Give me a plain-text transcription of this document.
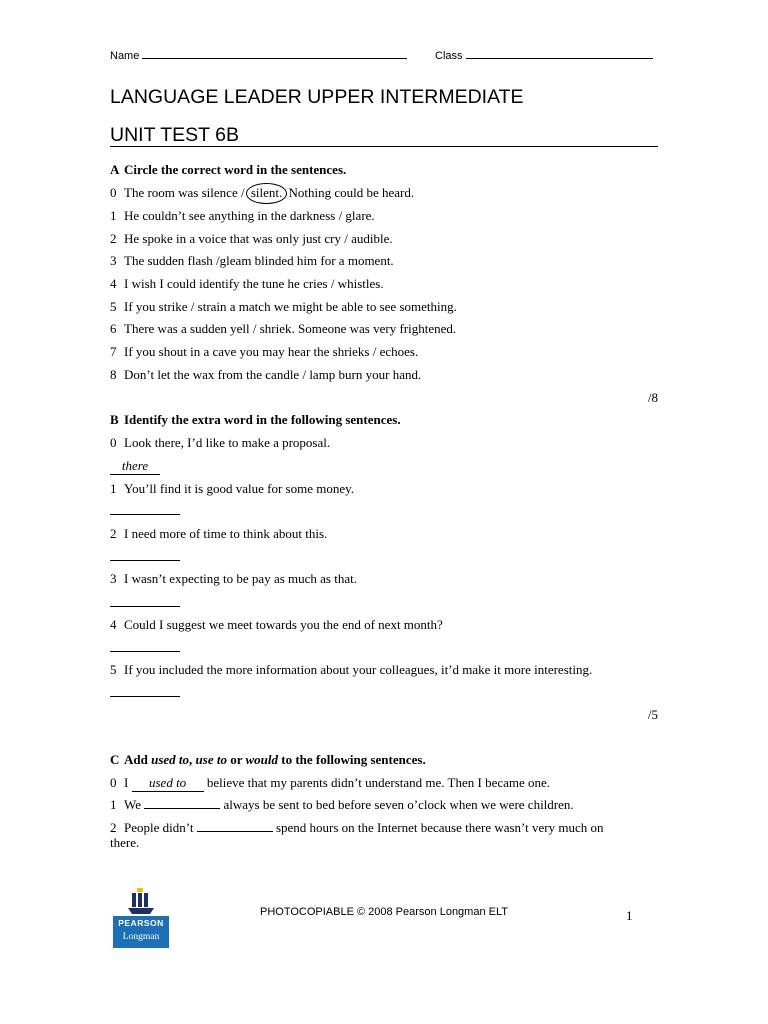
Name	Class
LANGUAGE LEADER UPPER INTERMEDIATE
UNIT TEST 6B
A Circle the correct word in the sentences.
0 The room was silence / silent. Nothing could be heard.
1 He couldn’t see anything in the darkness / glare.
2 He spoke in a voice that was only just cry / audible.
3 The sudden flash /gleam blinded him for a moment.
4 I wish I could identify the tune he cries / whistles.
5 If you strike / strain a match we might be able to see something.
6 There was a sudden yell / shriek. Someone was very frightened.
7 If you shout in a cave you may hear the shrieks / echoes.
8 Don’t let the wax from the candle / lamp burn your hand.
/8
B Identify the extra word in the following sentences.
0 Look there, I’d like to make a proposal.
there
1 You’ll find it is good value for some money.
2 I need more of time to think about this.
3 I wasn’t expecting to be pay as much as that.
4 Could I suggest we meet towards you the end of next month?
5 If you included the more information about your colleagues, it’d make it more interesting.
/5
C Add used to, use to or would to the following sentences.
0 I used to believe that my parents didn’t understand me. Then I became one.
1 We	always be sent to bed before seven o’clock when we were children.
2 People didn’t	spend hours on the Internet because there wasn’t very much on
there.
PEARSON
Longman
PHOTOCOPIABLE © 2008 Pearson Longman ELT	1
